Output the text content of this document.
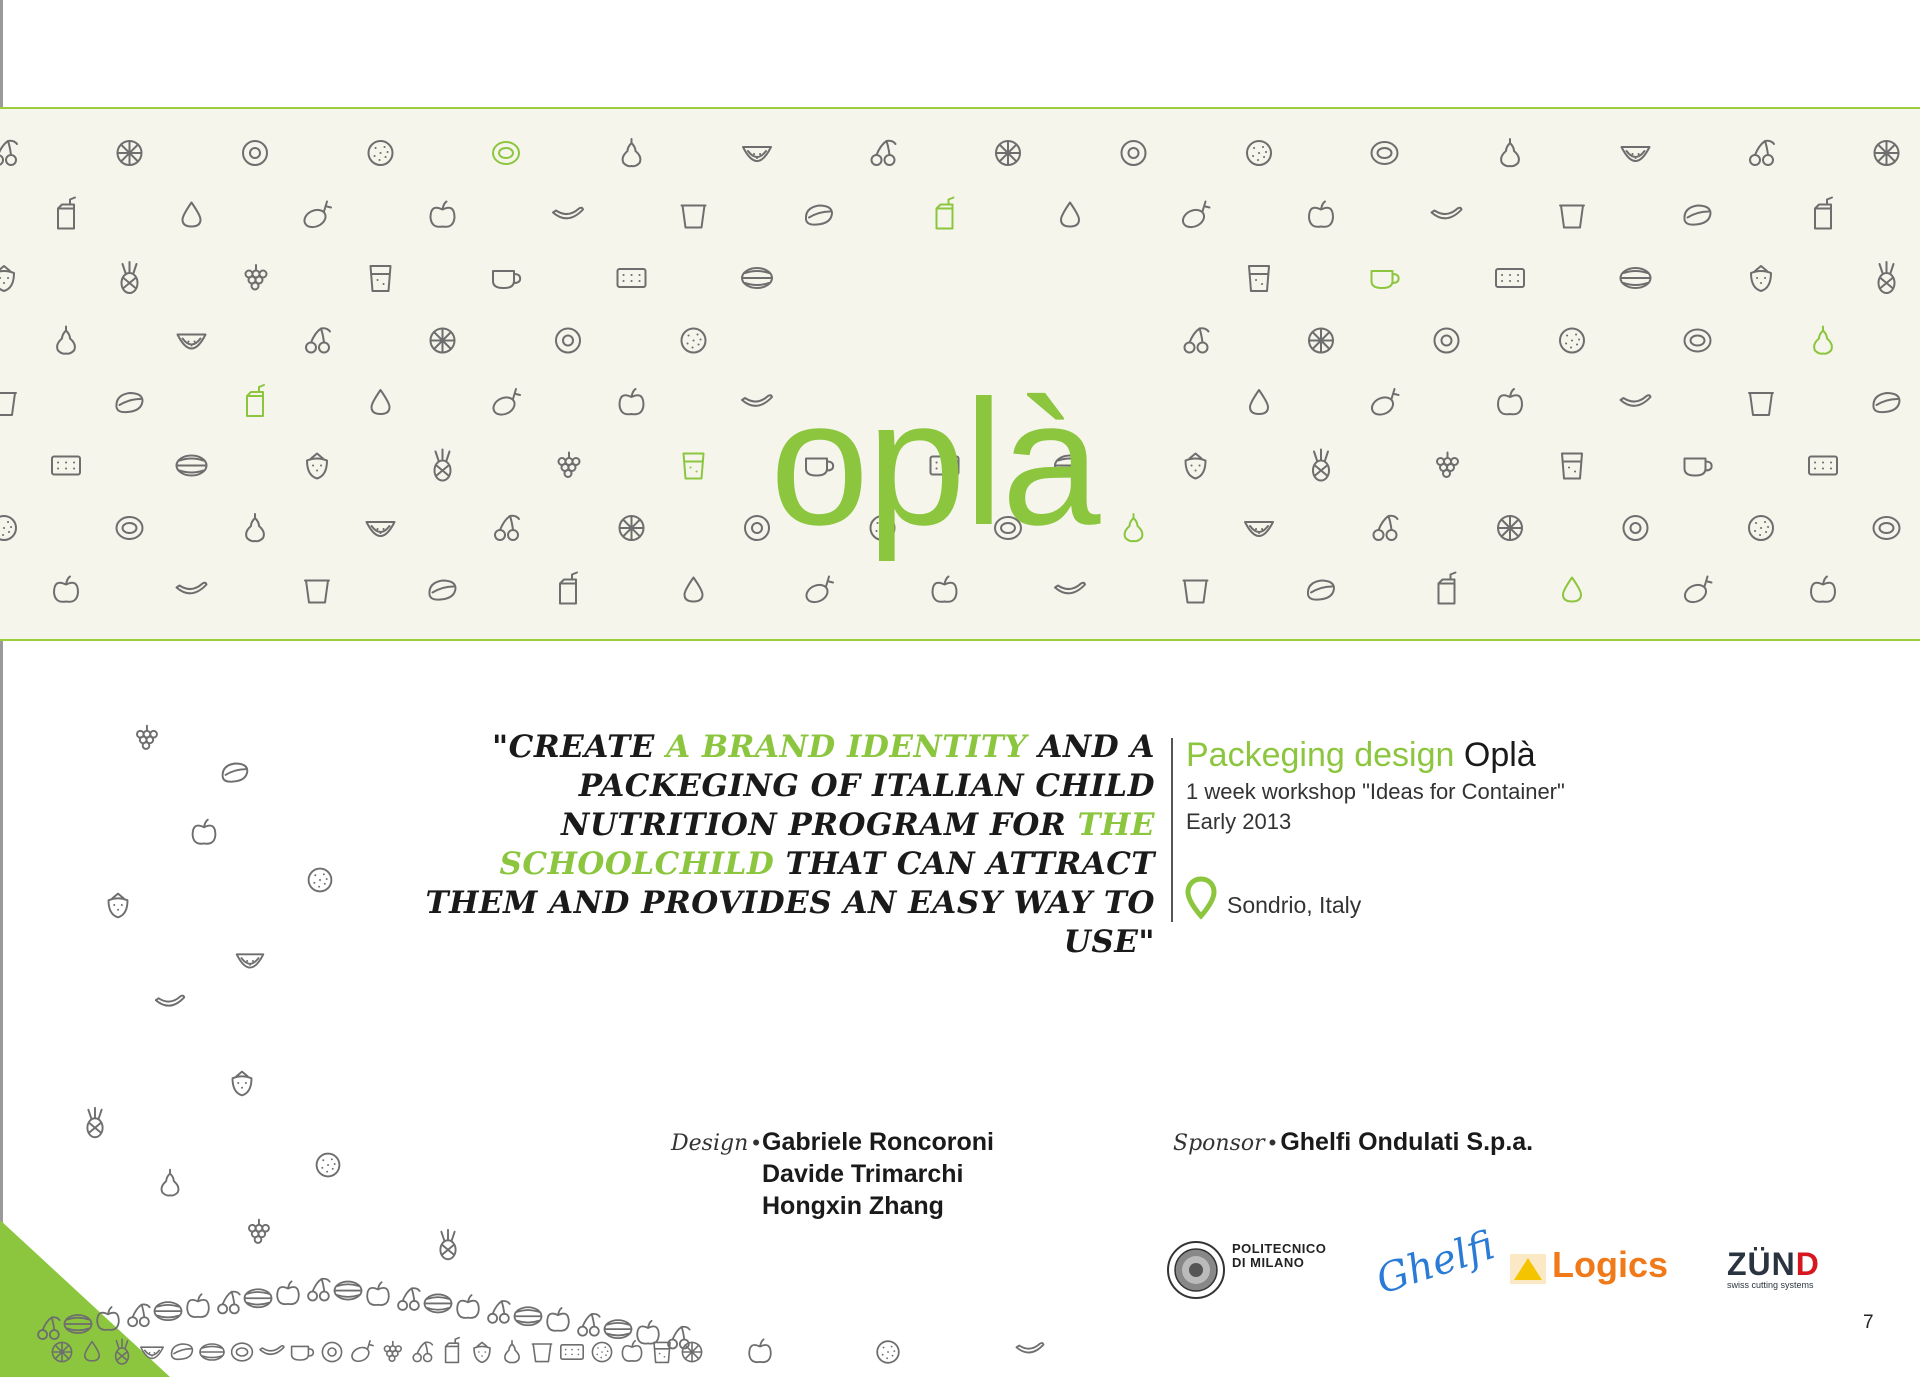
oplà
"CREATE A BRAND IDENTITY AND A PACKEGING OF ITALIAN CHILD NUTRITION PROGRAM FOR THE SCHOOLCHILD THAT CAN ATTRACT THEM AND PROVIDES AN EASY WAY TO USE"
Packeging design Oplà
1 week workshop "Ideas for Container"
Early 2013
Sondrio, Italy
Design • Gabriele Roncoroni
Davide Trimarchi
Hongxin Zhang
Sponsor • Ghelfi Ondulati S.p.a.
POLITECNICO
DI MILANO	Ghelfi Logics ZÜND
swiss cutting systems
7
